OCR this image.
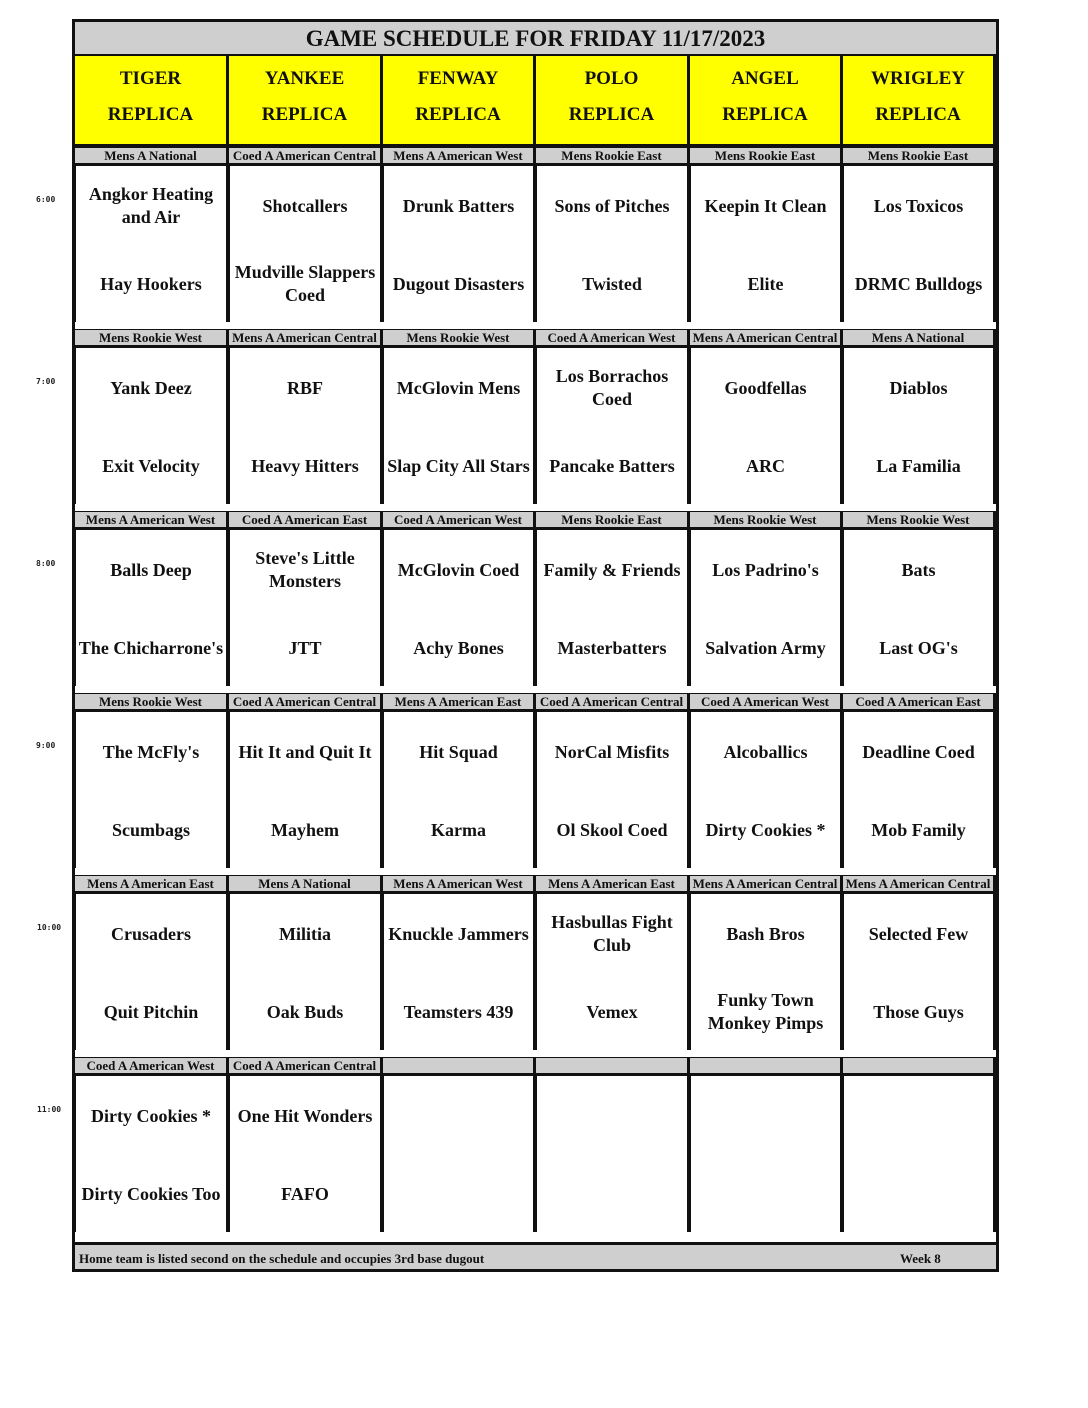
GAME SCHEDULE FOR FRIDAY 11/17/2023
TIGER
REPLICA
YANKEE
REPLICA
FENWAY
REPLICA
POLO
REPLICA
ANGEL
REPLICA
WRIGLEY
REPLICA
Mens A National
Angkor Heating and Air
Hay Hookers
Coed A American Central
Shotcallers
Mudville Slappers Coed
Mens A American West
Drunk Batters
Dugout Disasters
Mens Rookie East
Sons of Pitches
Twisted
Mens Rookie East
Keepin It Clean
Elite
Mens Rookie East
Los Toxicos
DRMC Bulldogs
Mens Rookie West
Yank Deez
Exit Velocity
Mens A American Central
RBF
Heavy Hitters
Mens Rookie West
McGlovin Mens
Slap City All Stars
Coed A American West
Los Borrachos Coed
Pancake Batters
Mens A American Central
Goodfellas
ARC
Mens A National
Diablos
La Familia
Mens A American West
Balls Deep
The Chicharrone's
Coed A American East
Steve's Little Monsters
JTT
Coed A American West
McGlovin Coed
Achy Bones
Mens Rookie East
Family & Friends
Masterbatters
Mens Rookie West
Los Padrino's
Salvation Army
Mens Rookie West
Bats
Last OG's
Mens Rookie West
The McFly's
Scumbags
Coed A American Central
Hit It and Quit It
Mayhem
Mens A American East
Hit Squad
Karma
Coed A American Central
NorCal Misfits
Ol Skool Coed
Coed A American West
Alcoballics
Dirty Cookies *
Coed A American East
Deadline Coed
Mob Family
Mens A American East
Crusaders
Quit Pitchin
Mens A National
Militia
Oak Buds
Mens A American West
Knuckle Jammers
Teamsters 439
Mens A American East
Hasbullas Fight Club
Vemex
Mens A American Central
Bash Bros
Funky Town Monkey Pimps
Mens A American Central
Selected Few
Those Guys
Coed A American West
Dirty Cookies *
Dirty Cookies Too
Coed A American Central
One Hit Wonders
FAFO
Home team is listed second on the schedule and occupies 3rd base dugout	Week 8
6:00
7:00
8:00
9:00
10:00
11:00
